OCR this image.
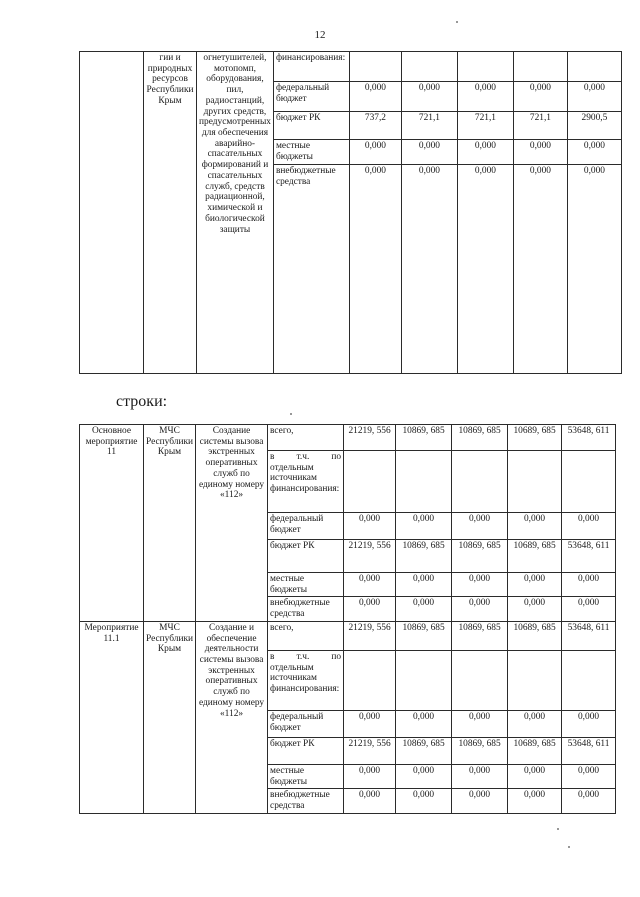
12
	гии и природных ресурсов Республики Крым	огнетушителей, мотопомп, оборудования, пил, радиостанций, других средств, предусмотренных для обеспечения аварийно-спасательных формирований и спасательных служб, средств радиационной, химической и биологической защиты	финансирования:					
			федеральный бюджет	0,000	0,000	0,000	0,000	0,000
			бюджет РК	737,2	721,1	721,1	721,1	2900,5
			местные бюджеты	0,000	0,000	0,000	0,000	0,000
			внебюджетные средства	0,000	0,000	0,000	0,000	0,000
строки:
Основное мероприятие 11	МЧС Республики Крым	Создание системы вызова экстренных оперативных служб по единому номеру «112»	всего,	21219, 556	10869, 685	10869, 685	10689, 685	53648, 611
			в т.ч. по отдельным источникам финансирования:					
			федеральный бюджет	0,000	0,000	0,000	0,000	0,000
			бюджет РК	21219, 556	10869, 685	10869, 685	10689, 685	53648, 611
			местные бюджеты	0,000	0,000	0,000	0,000	0,000
			внебюджетные средства	0,000	0,000	0,000	0,000	0,000
Мероприятие 11.1	МЧС Республики Крым	Создание и обеспечение деятельности системы вызова экстренных оперативных служб по единому номеру «112»	всего,	21219, 556	10869, 685	10869, 685	10689, 685	53648, 611
			в т.ч. по отдельным источникам финансирования:					
			федеральный бюджет	0,000	0,000	0,000	0,000	0,000
			бюджет РК	21219, 556	10869, 685	10869, 685	10689, 685	53648, 611
			местные бюджеты	0,000	0,000	0,000	0,000	0,000
			внебюджетные средства	0,000	0,000	0,000	0,000	0,000
